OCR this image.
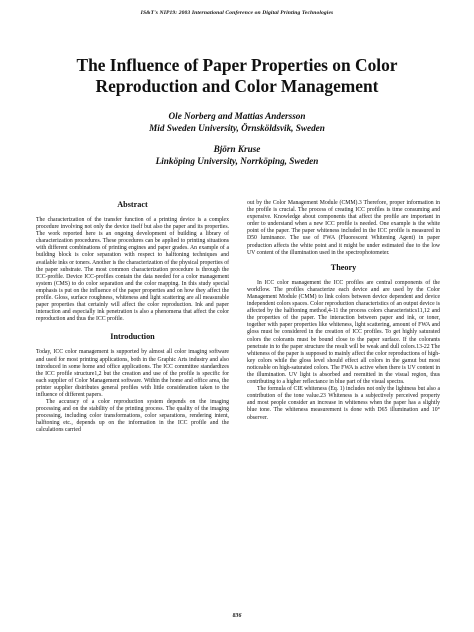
IS&T's NIP19: 2003 International Conference on Digital Printing Technologies
The Influence of Paper Properties on Color
Reproduction and Color Management
Ole Norberg and Mattias Andersson
Mid Sweden University, Örnsköldsvik, Sweden
Björn Kruse
Linköping University, Norrköping, Sweden
Abstract

The characterization of the transfer function of a printing device is a complex procedure involving not only the device itself but also the paper and its properties. The work reported here is an ongoing development of building a library of characterization procedures. These procedures can be applied to printing situations with different combinations of printing engines and paper grades. An example of a building block is color separation with respect to halftoning techniques and available inks or toners. Another is the characterization of the physical properties of the paper substrate. The most common characterization procedure is through the ICC-profile. Device ICC-profiles contain the data needed for a color management system (CMS) to do color separation and the color mapping. In this study special emphasis is put on the influence of the paper properties and on how they affect the profile. Gloss, surface roughness, whiteness and light scattering are all measurable paper properties that certainly will affect the color reproduction. Ink and paper interaction and especially ink penetration is also a phenomena that affect the color reproduction and thus the ICC profile.

Introduction

Today, ICC color management is supported by almost all color imaging software and used for most printing applications, both in the Graphic Arts industry and also introduced in some home and office applications. The ICC committee standardizes the ICC profile structure1,2 but the creation and use of the profile is specific for each supplier of Color Management software. Within the home and office area, the printer supplier distributes general profiles with little consideration taken to the influence of different papers.

The accuracy of a color reproduction system depends on the imaging processing and on the stability of the printing process. The quality of the imaging processing, including color transformations, color separations, rendering intent, halftoning etc., depends up on the information in the ICC profile and the calculations carried

out by the Color Management Module (CMM).3 Therefore, proper information in the profile is crucial. The process of creating ICC profiles is time consuming and expensive. Knowledge about components that affect the profile are important in order to understand when a new ICC profile is needed. One example is the white point of the paper. The paper whiteness included in the ICC profile is measured in D50 luminance. The use of FWA (Fluorescent Whitening Agent) in paper production affects the white point and it might be under estimated due to the low UV content of the illumination used in the spectrophotometer.

Theory

In ICC color management the ICC profiles are central components of the workflow. The profiles characterize each device and are used by the Color Management Module (CMM) to link colors between device dependent and device independent colors spaces. Color reproduction characteristics of an output device is affected by the halftoning method,4-11 the process colors characteristics11,12 and the properties of the paper. The interaction between paper and ink, or toner, together with paper properties like whiteness, light scattering, amount of FWA and gloss must be considered in the creation of ICC profiles. To get highly saturated colors the colorants must be bound close to the paper surface. If the colorants penetrate in to the paper structure the result will be weak and dull colors.13-22 The whiteness of the paper is supposed to mainly affect the color reproductions of high-key colors while the gloss level should effect all colors in the gamut but most noticeable on high-saturated colors. The FWA is active when there is UV content in the illumination. UV light is absorbed and reemitted in the visual region, thus contributing to a higher reflectance in blue part of the visual spectra.

The formula of CIE whiteness (Eq. 1) includes not only the lightness but also a contribution of the tone value.23 Whiteness is a subjectively perceived property and most people consider an increase in whiteness when the paper has a slightly blue tone. The whiteness measurement is done with D65 illumination and 10° observer.

836
